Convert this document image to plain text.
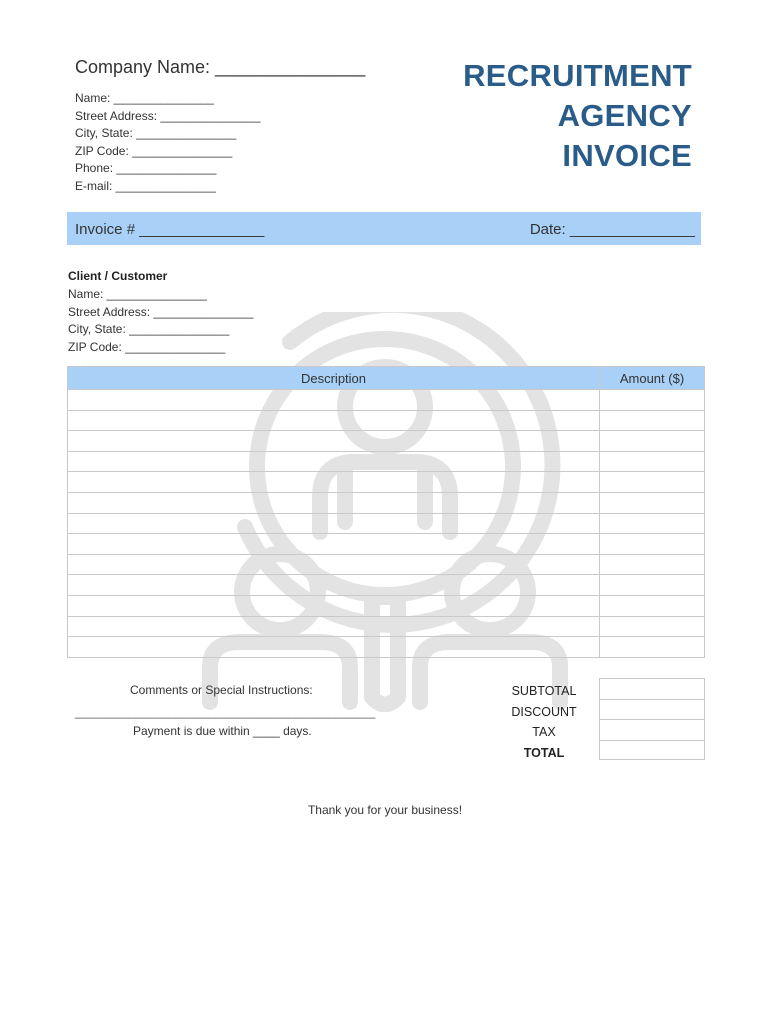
Company Name: _______________
Name: _______________
Street Address: _______________
City, State: _______________
ZIP Code: _______________
Phone: _______________
E-mail: _______________
RECRUITMENT
AGENCY
INVOICE
Invoice # _______________	Date: _______________
Client / Customer
Name: _______________
Street Address: _______________
City, State: _______________
ZIP Code: _______________
Description	Amount ($)

Comments or Special Instructions:
_____________________________________________
Payment is due within ____ days.
SUBTOTAL
DISCOUNT
TAX
TOTAL
Thank you for your business!
